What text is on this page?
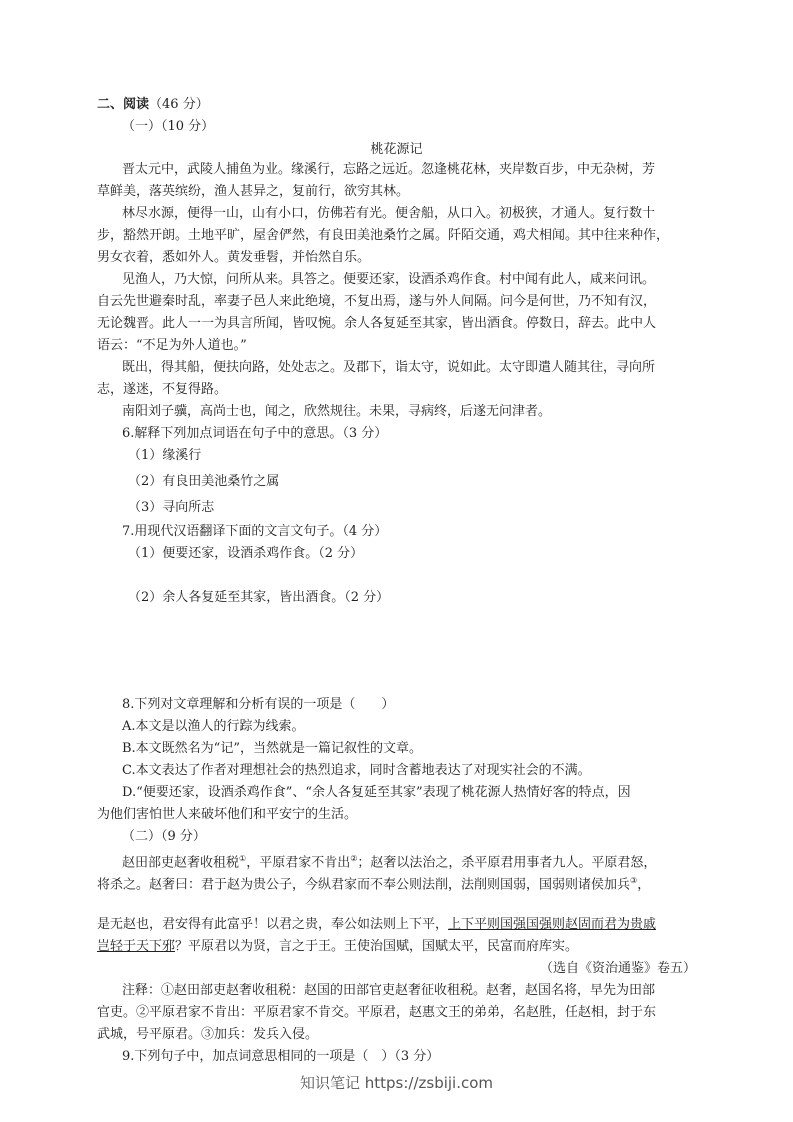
二、阅读（46 分）
（一）（10 分）
桃花源记
晋太元中，武陵人捕鱼为业。缘溪行，忘路之远近。忽逢桃花林，夹岸数百步，中无杂树，芳
草鲜美，落英缤纷，渔人甚异之，复前行，欲穷其林。
林尽水源，便得一山，山有小口，仿佛若有光。便舍船，从口入。初极狭，才通人。复行数十
步，豁然开朗。土地平旷，屋舍俨然，有良田美池桑竹之属。阡陌交通，鸡犬相闻。其中往来种作，
男女衣着，悉如外人。黄发垂髫，并怡然自乐。
见渔人，乃大惊，问所从来。具答之。便要还家，设酒杀鸡作食。村中闻有此人，咸来问讯。
自云先世避秦时乱，率妻子邑人来此绝境，不复出焉，遂与外人间隔。问今是何世，乃不知有汉，
无论魏晋。此人一一为具言所闻，皆叹惋。余人各复延至其家，皆出酒食。停数日，辞去。此中人
语云：“不足为外人道也。”
既出，得其船，便扶向路，处处志之。及郡下，诣太守，说如此。太守即遣人随其往，寻向所
志，遂迷，不复得路。
南阳刘子骥，高尚士也，闻之，欣然规往。未果，寻病终，后遂无问津者。
6.解释下列加点词语在句子中的意思。（3 分）
（1）缘溪行
（2）有良田美池桑竹之属
（3）寻向所志
7.用现代汉语翻译下面的文言文句子。（4 分）
（1）便要还家，设酒杀鸡作食。（2 分）
（2）余人各复延至其家，皆出酒食。（2 分）
8.下列对文章理解和分析有误的一项是（　　）
A.本文是以渔人的行踪为线索。
B.本文既然名为“记”，当然就是一篇记叙性的文章。
C.本文表达了作者对理想社会的热烈追求，同时含蓄地表达了对现实社会的不满。
D.“便要还家，设酒杀鸡作食”、“余人各复延至其家”表现了桃花源人热情好客的特点，因
为他们害怕世人来破坏他们和平安宁的生活。
（二）（9 分）
赵田部吏赵奢收租税①，平原君家不肯出②；赵奢以法治之，杀平原君用事者九人。平原君怒，
将杀之。赵奢曰：君于赵为贵公子，今纵君家而不奉公则法削，法削则国弱，国弱则诸侯加兵③，
是无赵也，君安得有此富乎！以君之贵，奉公如法则上下平，上下平则国强国强则赵固而君为贵戚
岂轻于天下邪？平原君以为贤，言之于王。王使治国赋，国赋太平，民富而府库实。
（选自《资治通鉴》卷五）
注释：①赵田部吏赵奢收租税：赵国的田部官吏赵奢征收租税。赵奢，赵国名将，早先为田部
官吏。②平原君家不肯出：平原君家不肯交。平原君，赵惠文王的弟弟，名赵胜，任赵相，封于东
武城，号平原君。③加兵：发兵入侵。
9.下列句子中，加点词意思相同的一项是（　）（3 分）
知识笔记 https://zsbiji.com
